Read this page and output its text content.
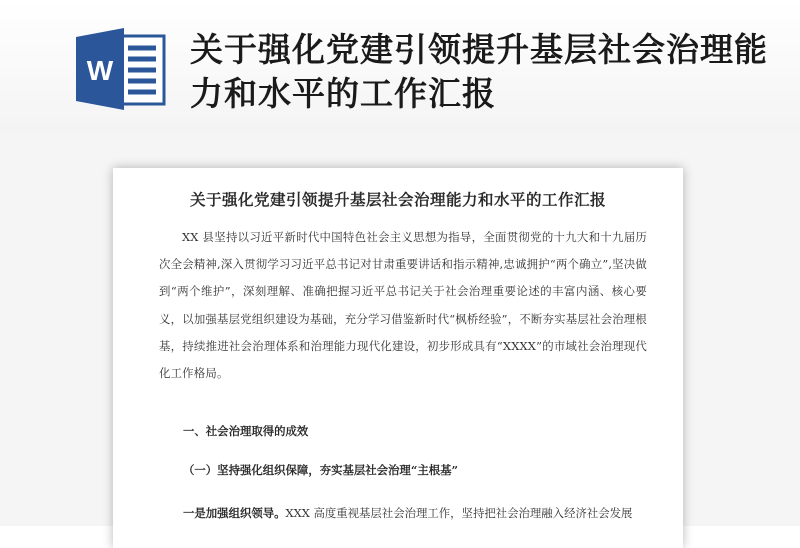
W
关于强化党建引领提升基层社会治理能力和水平的工作汇报
关于强化党建引领提升基层社会治理能力和水平的工作汇报

XX 县坚持以习近平新时代中国特色社会主义思想为指导，全面贯彻党的十九大和十九届历次全会精神,深入贯彻学习习近平总书记对甘肃重要讲话和指示精神,忠诚拥护“两个确立”,坚决做到“两个维护”，深刻理解、准确把握习近平总书记关于社会治理重要论述的丰富内涵、核心要义，以加强基层党组织建设为基础，充分学习借鉴新时代“枫桥经验”，不断夯实基层社会治理根基，持续推进社会治理体系和治理能力现代化建设，初步形成具有“XXXX”的市域社会治理现代化工作格局。

一、社会治理取得的成效

（一）坚持强化组织保障，夯实基层社会治理“主根基”

一是加强组织领导。XXX 高度重视基层社会治理工作，坚持把社会治理融入经济社会发展
